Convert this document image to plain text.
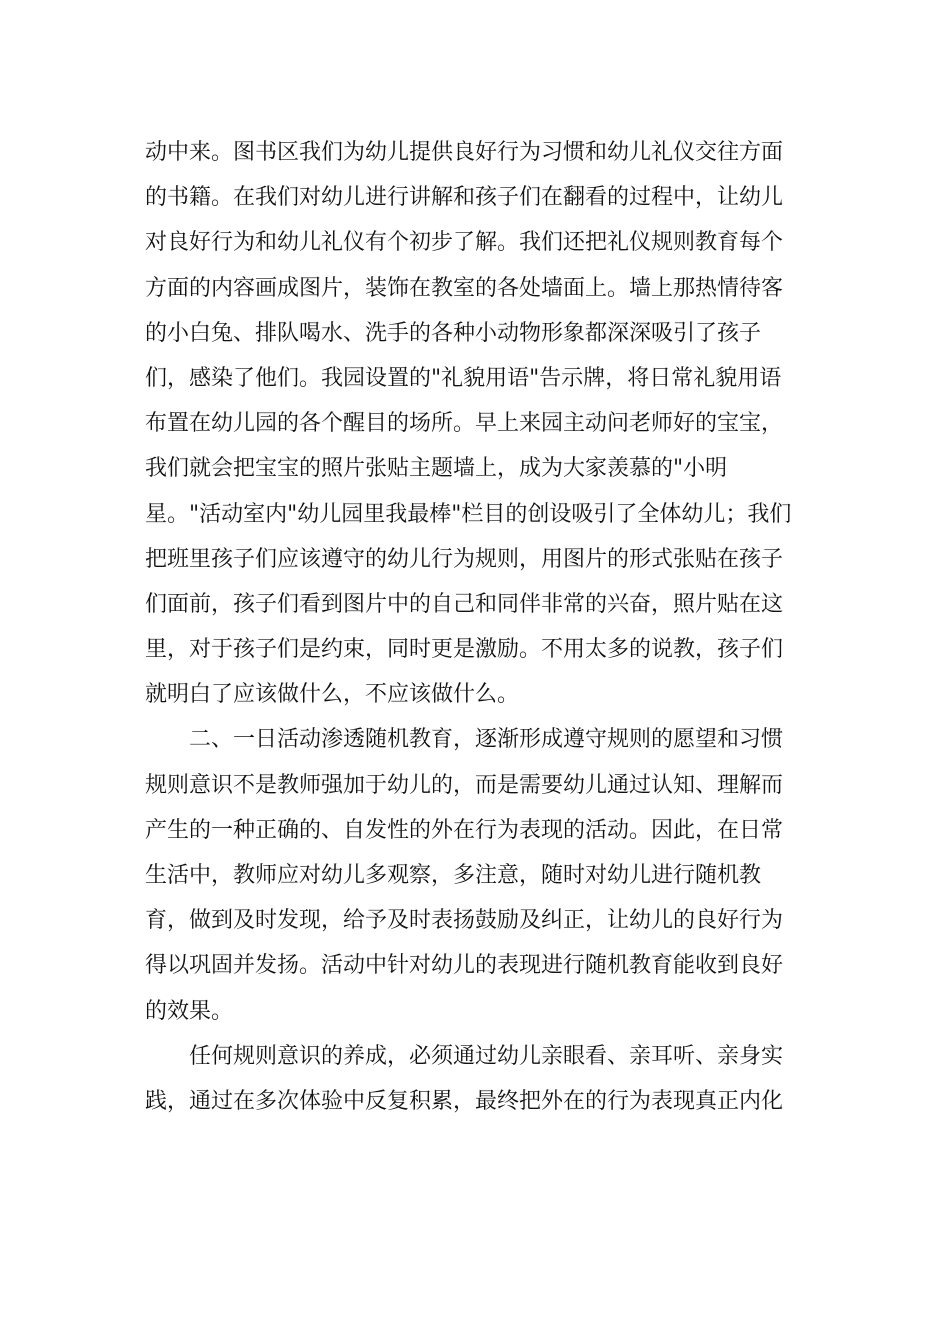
动中来。图书区我们为幼儿提供良好行为习惯和幼儿礼仪交往方面
的书籍。在我们对幼儿进行讲解和孩子们在翻看的过程中，让幼儿
对良好行为和幼儿礼仪有个初步了解。我们还把礼仪规则教育每个
方面的内容画成图片，装饰在教室的各处墙面上。墙上那热情待客
的小白兔、排队喝水、洗手的各种小动物形象都深深吸引了孩子
们，感染了他们。我园设置的"礼貌用语"告示牌，将日常礼貌用语
布置在幼儿园的各个醒目的场所。早上来园主动问老师好的宝宝，
我们就会把宝宝的照片张贴主题墙上，成为大家羡慕的"小明
星。"活动室内"幼儿园里我最棒"栏目的创设吸引了全体幼儿；我们
把班里孩子们应该遵守的幼儿行为规则，用图片的形式张贴在孩子
们面前，孩子们看到图片中的自己和同伴非常的兴奋，照片贴在这
里，对于孩子们是约束，同时更是激励。不用太多的说教，孩子们
就明白了应该做什么，不应该做什么。
二、一日活动渗透随机教育，逐渐形成遵守规则的愿望和习惯
规则意识不是教师强加于幼儿的，而是需要幼儿通过认知、理解而
产生的一种正确的、自发性的外在行为表现的活动。因此，在日常
生活中，教师应对幼儿多观察，多注意，随时对幼儿进行随机教
育，做到及时发现，给予及时表扬鼓励及纠正，让幼儿的良好行为
得以巩固并发扬。活动中针对幼儿的表现进行随机教育能收到良好
的效果。
任何规则意识的养成，必须通过幼儿亲眼看、亲耳听、亲身实
践，通过在多次体验中反复积累，最终把外在的行为表现真正内化
